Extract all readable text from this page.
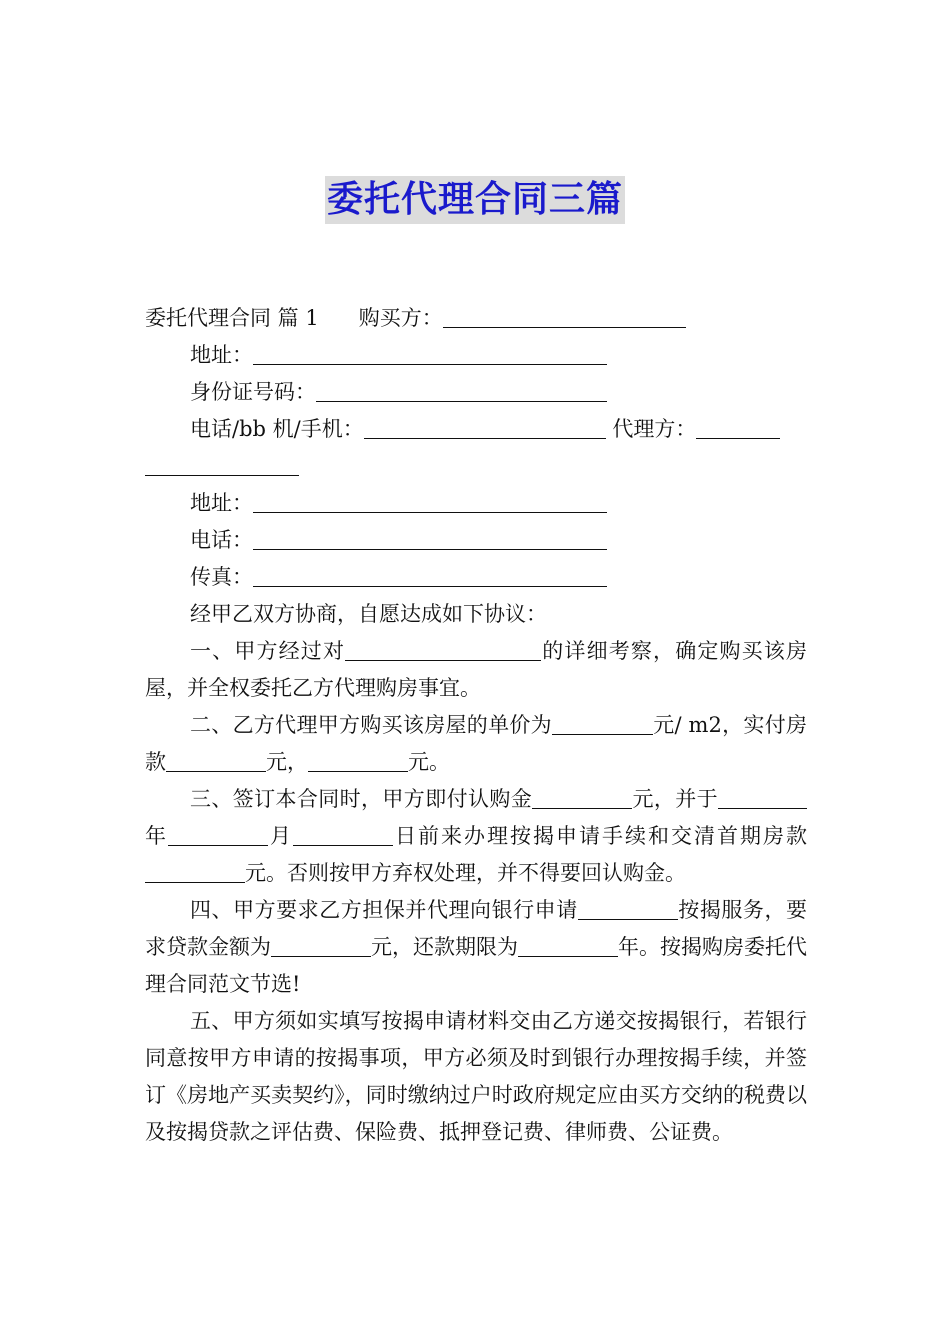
委托代理合同三篇
委托代理合同 篇 1 购买方：
地址：
身份证号码：
电话/bb 机/手机：	代理方：
地址：
电话：
传真：
经甲乙双方协商，自愿达成如下协议：
一、甲方经过对	的详细考察，确定购买该房屋，并全权委托乙方代理购房事宜。
二、乙方代理甲方购买该房屋的单价为	元/ m2，实付房款	元，	元。
三、签订本合同时，甲方即付认购金	元，并于年	月	日前来办理按揭申请手续和交清首期房款元。否则按甲方弃权处理，并不得要回认购金。
四、甲方要求乙方担保并代理向银行申请	按揭服务，要求贷款金额为	元，还款期限为	年。按揭购房委托代理合同范文节选!
五、甲方须如实填写按揭申请材料交由乙方递交按揭银行，若银行同意按甲方申请的按揭事项，甲方必须及时到银行办理按揭手续，并签订《房地产买卖契约》，同时缴纳过户时政府规定应由买方交纳的税费以及按揭贷款之评估费、保险费、抵押登记费、律师费、公证费。
